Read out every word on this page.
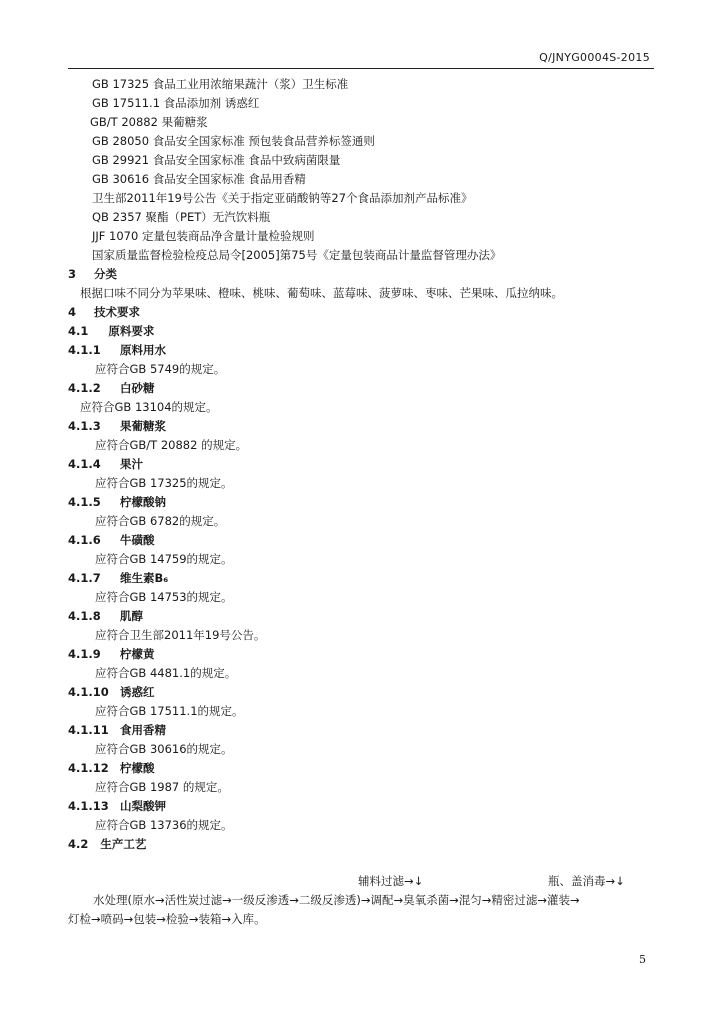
Q/JNYG0004S-2015
GB 17325 食品工业用浓缩果蔬汁（浆）卫生标准
GB 17511.1 食品添加剂 诱惑红
GB/T 20882 果葡糖浆
GB 28050 食品安全国家标准 预包装食品营养标签通则
GB 29921 食品安全国家标准 食品中致病菌限量
GB 30616 食品安全国家标准 食品用香精
卫生部2011年19号公告《关于指定亚硝酸钠等27个食品添加剂产品标准》
QB 2357 聚酯（PET）无汽饮料瓶
JJF 1070 定量包装商品净含量计量检验规则
国家质量监督检验检疫总局令[2005]第75号《定量包装商品计量监督管理办法》
3 分类
根据口味不同分为苹果味、橙味、桃味、葡萄味、蓝莓味、菠萝味、枣味、芒果味、瓜拉纳味。
4 技术要求
4.1 原料要求
4.1.1 原料用水
应符合GB 5749的规定。
4.1.2 白砂糖
应符合GB 13104的规定。
4.1.3 果葡糖浆
应符合GB/T 20882 的规定。
4.1.4 果汁
应符合GB 17325的规定。
4.1.5 柠檬酸钠
应符合GB 6782的规定。
4.1.6 牛磺酸
应符合GB 14759的规定。
4.1.7 维生素B₆
应符合GB 14753的规定。
4.1.8 肌醇
应符合卫生部2011年19号公告。
4.1.9 柠檬黄
应符合GB 4481.1的规定。
4.1.10 诱惑红
应符合GB 17511.1的规定。
4.1.11 食用香精
应符合GB 30616的规定。
4.1.12 柠檬酸
应符合GB 1987 的规定。
4.1.13 山梨酸钾
应符合GB 13736的规定。
4.2 生产工艺
辅料过滤→↓	瓶、盖消毒→↓
水处理(原水→活性炭过滤→一级反渗透→二级反渗透)→调配→臭氧杀菌→混匀→精密过滤→灌装→
灯检→喷码→包装→检验→装箱→入库。
5
